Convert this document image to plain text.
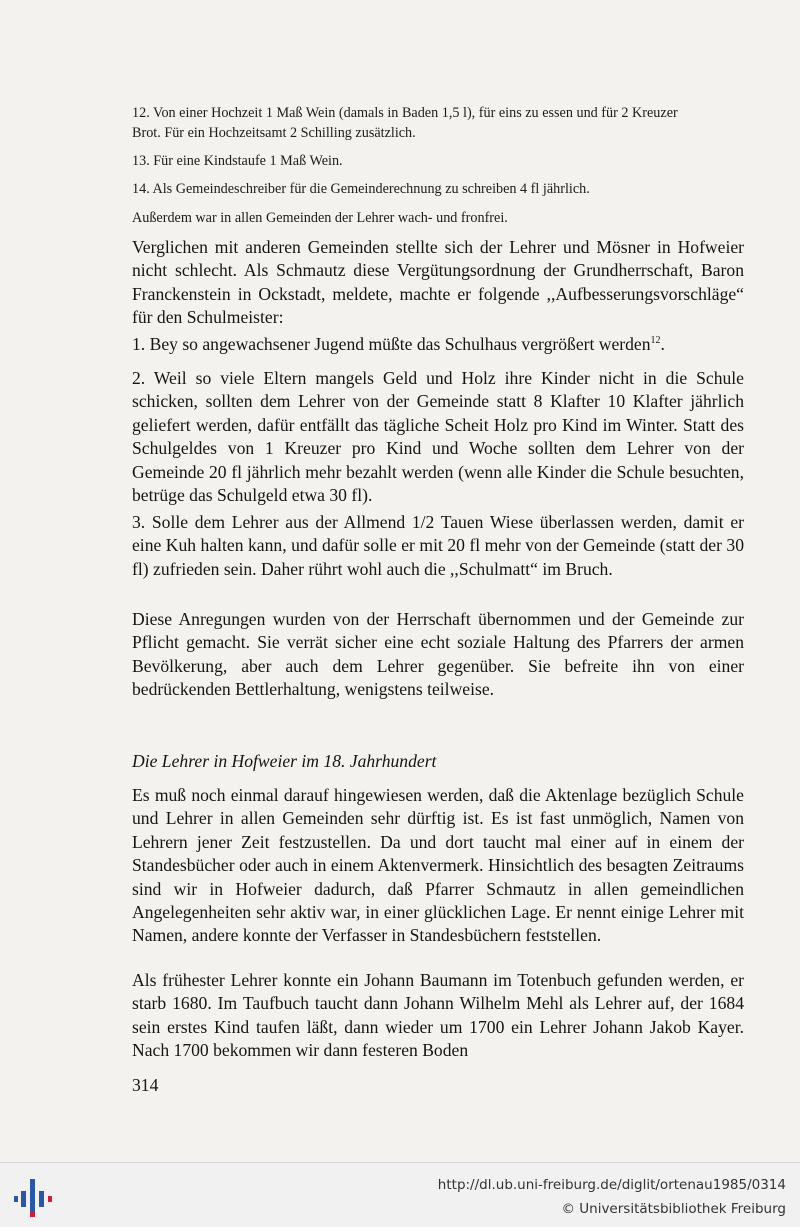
12. Von einer Hochzeit 1 Maß Wein (damals in Baden 1,5 l), für eins zu essen und für 2 Kreuzer
Brot. Für ein Hochzeitsamt 2 Schilling zusätzlich.

13. Für eine Kindstaufe 1 Maß Wein.

14. Als Gemeindeschreiber für die Gemeinderechnung zu schreiben 4 fl jährlich.

Außerdem war in allen Gemeinden der Lehrer wach- und fronfrei.

Verglichen mit anderen Gemeinden stellte sich der Lehrer und Mösner in Hofweier nicht schlecht. Als Schmautz diese Vergütungsordnung der Grundherrschaft, Baron Franckenstein in Ockstadt, meldete, machte er folgende ,,Aufbesserungsvorschläge“ für den Schulmeister:

1. Bey so angewachsener Jugend müßte das Schulhaus vergrößert werden$^{12}$.

2. Weil so viele Eltern mangels Geld und Holz ihre Kinder nicht in die Schule schicken, sollten dem Lehrer von der Gemeinde statt 8 Klafter 10 Klafter jährlich geliefert werden, dafür entfällt das tägliche Scheit Holz pro Kind im Winter. Statt des Schulgeldes von 1 Kreuzer pro Kind und Woche sollten dem Lehrer von der Gemeinde 20 fl jährlich mehr bezahlt werden (wenn alle Kinder die Schule besuchten, betrüge das Schulgeld etwa 30 fl).

3. Solle dem Lehrer aus der Allmend 1/2 Tauen Wiese überlassen werden, damit er eine Kuh halten kann, und dafür solle er mit 20 fl mehr von der Gemeinde (statt der 30 fl) zufrieden sein. Daher rührt wohl auch die ,,Schulmatt“ im Bruch.

Diese Anregungen wurden von der Herrschaft übernommen und der Gemeinde zur Pflicht gemacht. Sie verrät sicher eine echt soziale Haltung des Pfarrers der armen Bevölkerung, aber auch dem Lehrer gegenüber. Sie befreite ihn von einer bedrückenden Bettlerhaltung, wenigstens teilweise.

Die Lehrer in Hofweier im 18. Jahrhundert

Es muß noch einmal darauf hingewiesen werden, daß die Aktenlage bezüglich Schule und Lehrer in allen Gemeinden sehr dürftig ist. Es ist fast unmöglich, Namen von Lehrern jener Zeit festzustellen. Da und dort taucht mal einer auf in einem der Standesbücher oder auch in einem Aktenvermerk. Hinsichtlich des besagten Zeitraums sind wir in Hofweier dadurch, daß Pfarrer Schmautz in allen gemeindlichen Angelegenheiten sehr aktiv war, in einer glücklichen Lage. Er nennt einige Lehrer mit Namen, andere konnte der Verfasser in Standesbüchern feststellen.

Als frühester Lehrer konnte ein Johann Baumann im Totenbuch gefunden werden, er starb 1680. Im Taufbuch taucht dann Johann Wilhelm Mehl als Lehrer auf, der 1684 sein erstes Kind taufen läßt, dann wieder um 1700 ein Lehrer Johann Jakob Kayer. Nach 1700 bekommen wir dann festeren Boden

314

http://dl.ub.uni-freiburg.de/diglit/ortenau1985/0314

© Universitätsbibliothek Freiburg
